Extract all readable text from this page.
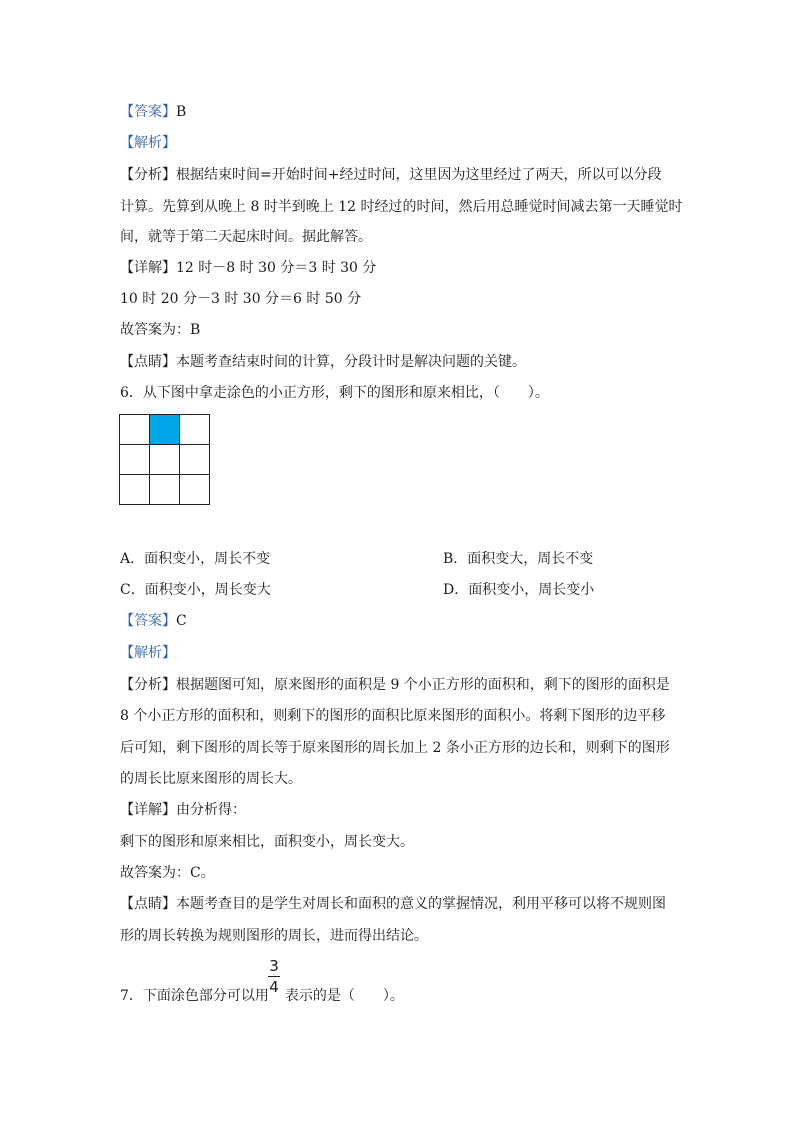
【答案】B
【解析】
【分析】根据结束时间=开始时间+经过时间，这里因为这里经过了两天，所以可以分段
计算。先算到从晚上 8 时半到晚上 12 时经过的时间，然后用总睡觉时间减去第一天睡觉时
间，就等于第二天起床时间。据此解答。
【详解】12 时－8 时 30 分＝3 时 30 分
10 时 20 分－3 时 30 分＝6 时 50 分
故答案为：B
【点睛】本题考查结束时间的计算，分段计时是解决问题的关键。
6．从下图中拿走涂色的小正方形，剩下的图形和原来相比，（　　）。
A．面积变小，周长不变	B．面积变大，周长不变
C．面积变小，周长变大	D．面积变小，周长变小
【答案】C
【解析】
【分析】根据题图可知，原来图形的面积是 9 个小正方形的面积和，剩下的图形的面积是
8 个小正方形的面积和，则剩下的图形的面积比原来图形的面积小。将剩下图形的边平移
后可知，剩下图形的周长等于原来图形的周长加上 2 条小正方形的边长和，则剩下的图形
的周长比原来图形的周长大。
【详解】由分析得：
剩下的图形和原来相比，面积变小，周长变大。
故答案为：C。
【点睛】本题考查目的是学生对周长和面积的意义的掌握情况，利用平移可以将不规则图
形的周长转换为规则图形的周长，进而得出结论。
3
4
7．下面涂色部分可以用 表示的是（　　）。
